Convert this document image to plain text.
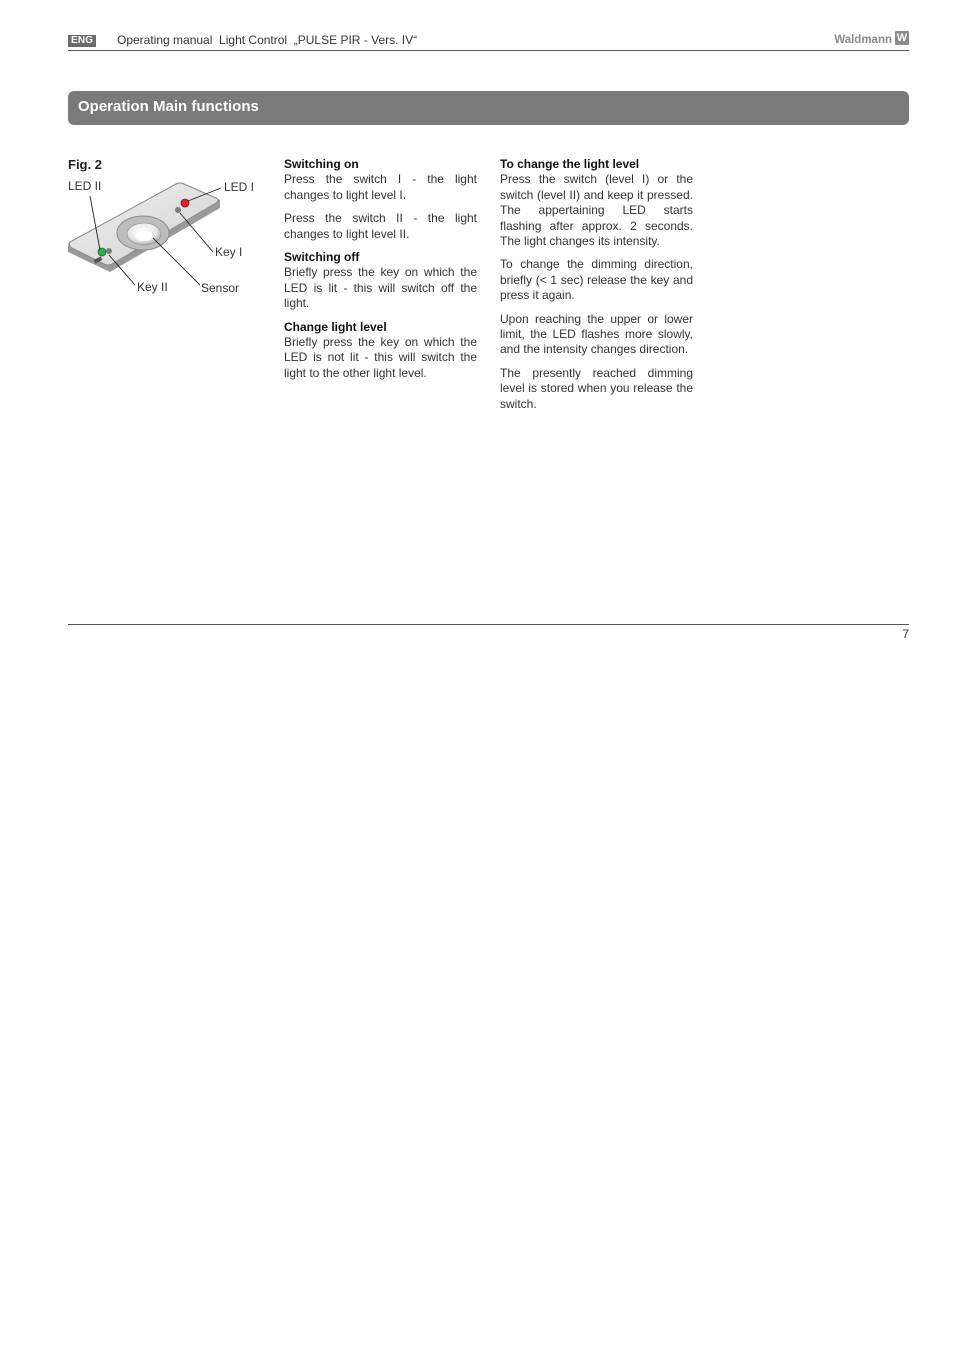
ENG Operating manual  Light Control  „PULSE PIR - Vers. IV“	Waldmann W
Operation Main functions
Fig. 2
LED II	LED I
Key I
Key II	Sensor
Switching on

Press the switch I - the light changes to light level I.

Press the switch II - the light changes to light level II.

Switching off

Briefly press the key on which the LED is lit - this will switch off the light.

Change light level

Briefly press the key on which the LED is not lit - this will switch the light to the other light level.

To change the light level

Press the switch (level I) or the switch (level II) and keep it pressed. The appertaining LED starts flashing after approx. 2 seconds. The light changes its intensity.

To change the dimming direction, briefly (< 1 sec) release the key and press it again.

Upon reaching the upper or lower limit, the LED flashes more slowly, and the intensity changes direction.

The presently reached dimming level is stored when you release the switch.

7
